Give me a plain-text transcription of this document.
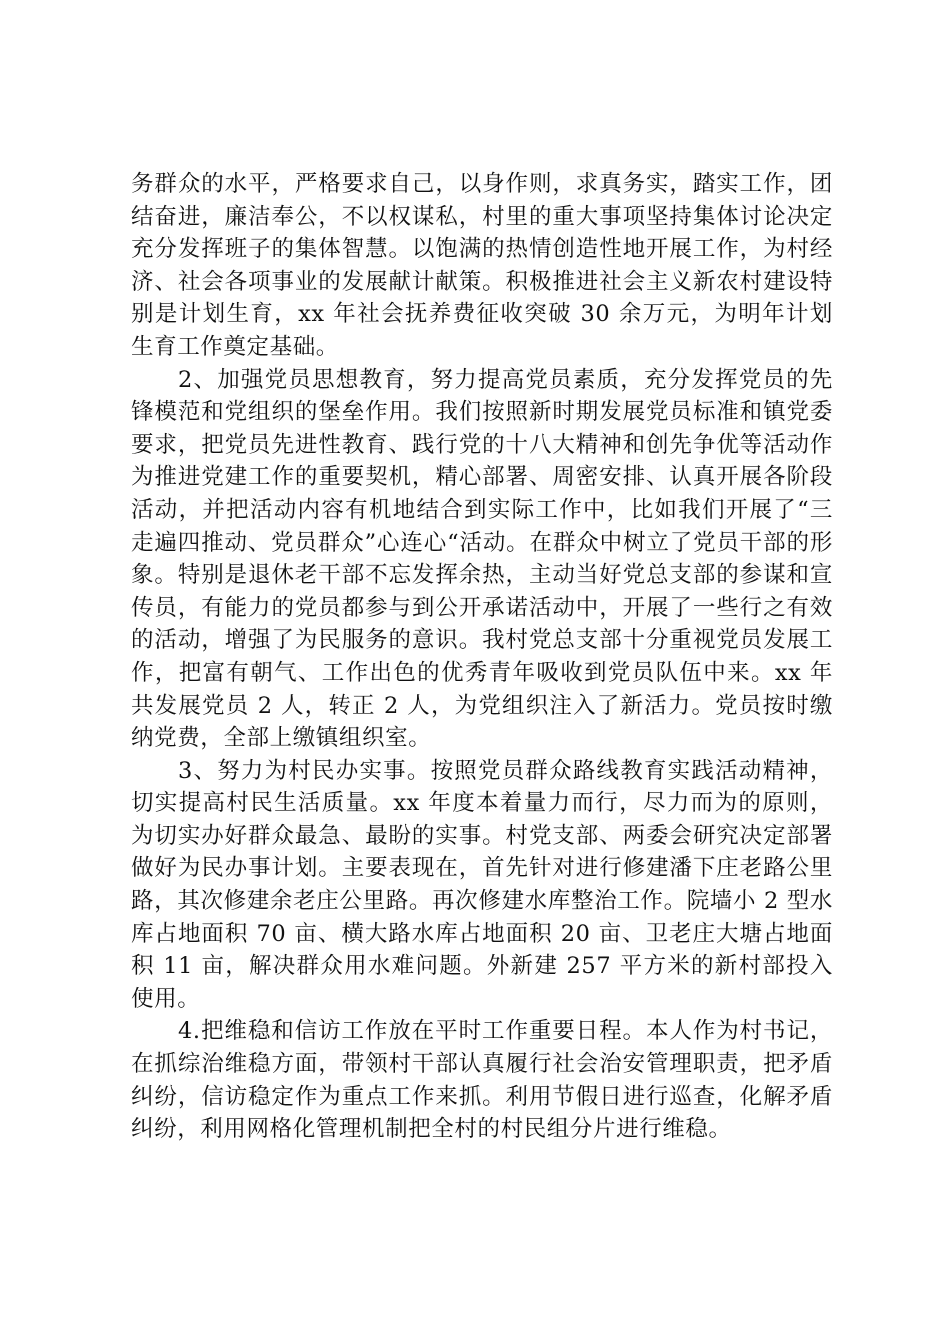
务群众的水平，严格要求自己，以身作则，求真务实，踏实工作，团结奋进，廉洁奉公，不以权谋私，村里的重大事项坚持集体讨论决定充分发挥班子的集体智慧。以饱满的热情创造性地开展工作，为村经济、社会各项事业的发展献计献策。积极推进社会主义新农村建设特别是计划生育，xx 年社会抚养费征收突破 30 余万元，为明年计划生育工作奠定基础。

2、加强党员思想教育，努力提高党员素质，充分发挥党员的先锋模范和党组织的堡垒作用。我们按照新时期发展党员标准和镇党委要求，把党员先进性教育、践行党的十八大精神和创先争优等活动作为推进党建工作的重要契机，精心部署、周密安排、认真开展各阶段活动，并把活动内容有机地结合到实际工作中，比如我们开展了“三走遍四推动、党员群众”心连心“活动。在群众中树立了党员干部的形象。特别是退休老干部不忘发挥余热，主动当好党总支部的参谋和宣传员，有能力的党员都参与到公开承诺活动中，开展了一些行之有效的活动，增强了为民服务的意识。我村党总支部十分重视党员发展工作，把富有朝气、工作出色的优秀青年吸收到党员队伍中来。xx 年共发展党员 2 人，转正 2 人，为党组织注入了新活力。党员按时缴纳党费，全部上缴镇组织室。

3、努力为村民办实事。按照党员群众路线教育实践活动精神，切实提高村民生活质量。xx 年度本着量力而行，尽力而为的原则，为切实办好群众最急、最盼的实事。村党支部、两委会研究决定部署做好为民办事计划。主要表现在，首先针对进行修建潘下庄老路公里路，其次修建余老庄公里路。再次修建水库整治工作。院墙小 2 型水库占地面积 70 亩、横大路水库占地面积 20 亩、卫老庄大塘占地面积 11 亩，解决群众用水难问题。外新建 257 平方米的新村部投入使用。

4.把维稳和信访工作放在平时工作重要日程。本人作为村书记，在抓综治维稳方面，带领村干部认真履行社会治安管理职责，把矛盾纠纷，信访稳定作为重点工作来抓。利用节假日进行巡查，化解矛盾纠纷，利用网格化管理机制把全村的村民组分片进行维稳。
